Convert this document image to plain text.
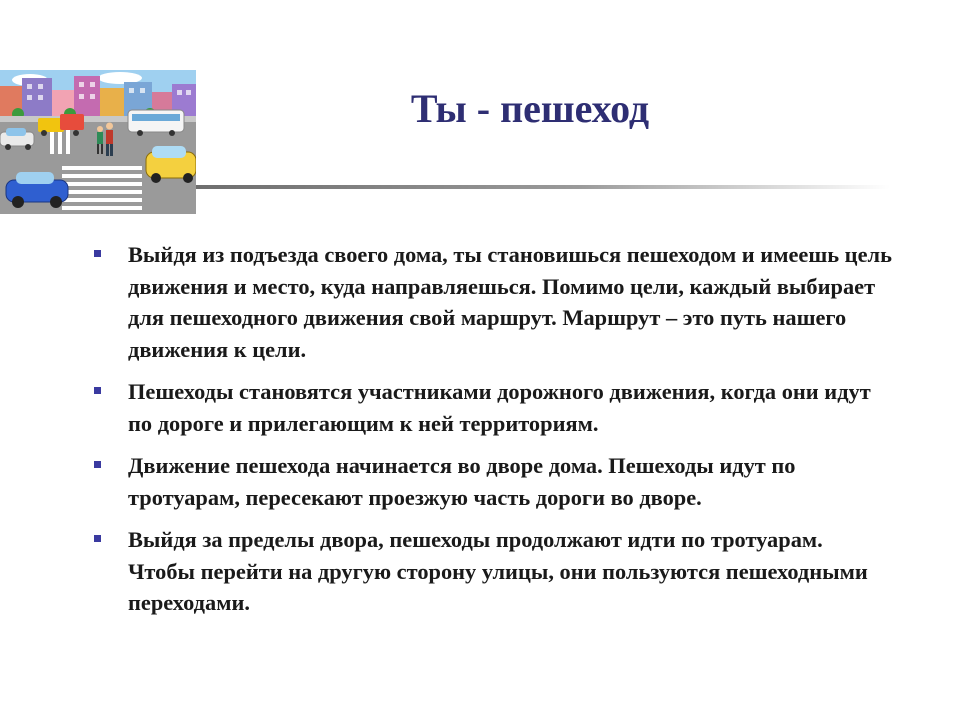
Ты - пешеход
Выйдя из подъезда своего дома, ты становишься пешеходом и имеешь цель движения и место, куда направляешься. Помимо цели, каждый выбирает для пешеходного движения свой маршрут. Маршрут – это путь нашего движения к цели.
Пешеходы становятся участниками дорожного движения, когда они идут по дороге и прилегающим к ней территориям.
Движение пешехода начинается во дворе дома. Пешеходы идут по тротуарам, пересекают проезжую часть дороги во дворе.
Выйдя за пределы двора, пешеходы продолжают идти по тротуарам. Чтобы перейти на другую сторону улицы, они пользуются пешеходными переходами.
